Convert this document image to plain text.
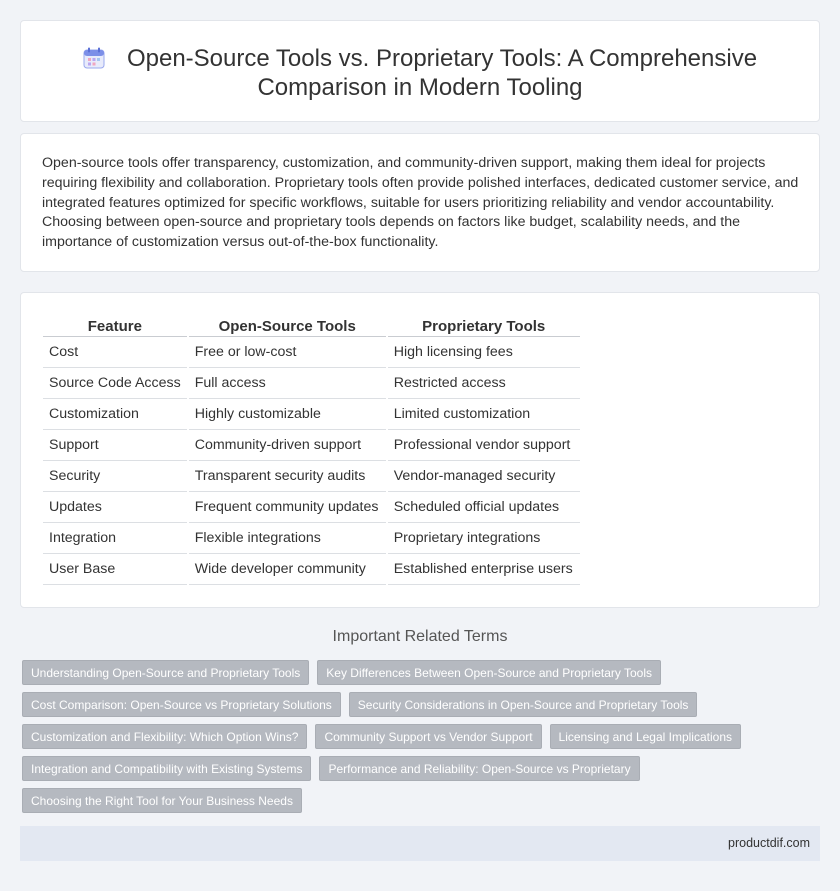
Open-Source Tools vs. Proprietary Tools: A Comprehensive
Comparison in Modern Tooling

Open-source tools offer transparency, customization, and community-driven support, making them ideal for projects requiring flexibility and collaboration. Proprietary tools often provide polished interfaces, dedicated customer service, and integrated features optimized for specific workflows, suitable for users prioritizing reliability and vendor accountability. Choosing between open-source and proprietary tools depends on factors like budget, scalability needs, and the importance of customization versus out-of-the-box functionality.

Feature		Open-Source Tools		Proprietary Tools
Cost		Free or low-cost		High licensing fees
Source Code Access		Full access		Restricted access
Customization		Highly customizable		Limited customization
Support		Community-driven support		Professional vendor support
Security		Transparent security audits		Vendor-managed security
Updates		Frequent community updates		Scheduled official updates
Integration		Flexible integrations		Proprietary integrations
User Base		Wide developer community		Established enterprise users
Important Related Terms
Understanding Open-Source and Proprietary Tools	Key Differences Between Open-Source and Proprietary Tools
Cost Comparison: Open-Source vs Proprietary Solutions	Security Considerations in Open-Source and Proprietary Tools
Customization and Flexibility: Which Option Wins?	Community Support vs Vendor Support	Licensing and Legal Implications
Integration and Compatibility with Existing Systems	Performance and Reliability: Open-Source vs Proprietary
Choosing the Right Tool for Your Business Needs
productdif.com
